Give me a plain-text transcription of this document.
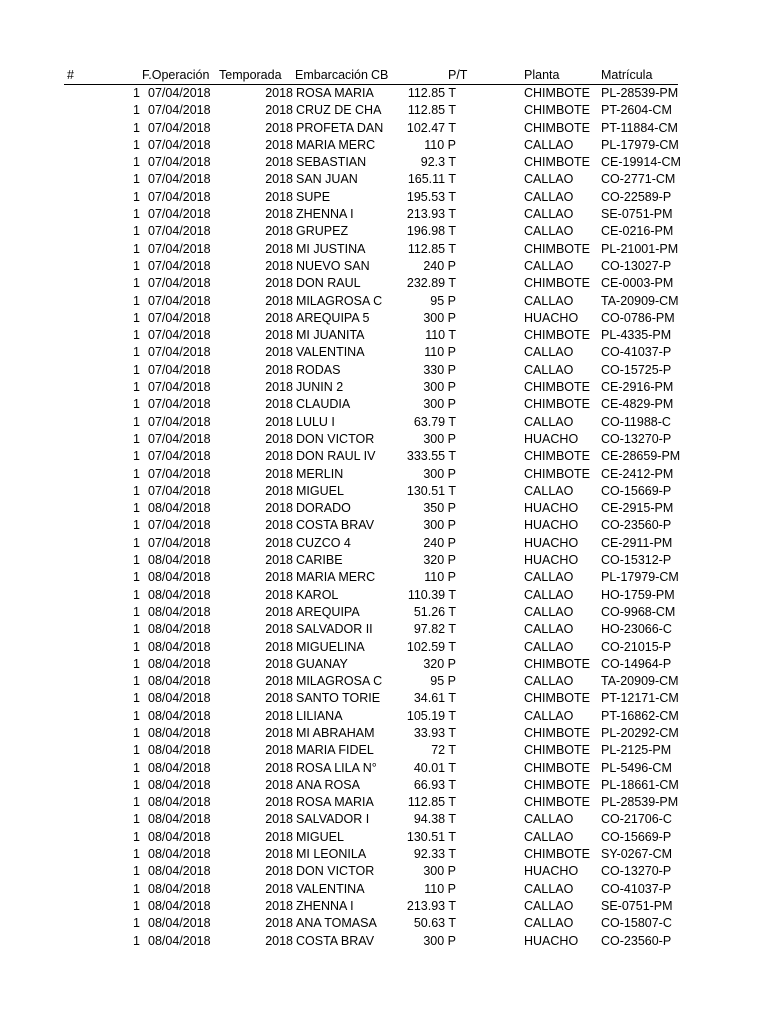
#	F.Operación Temporada Embarcación CB	P/T	Planta	Matrícula
1 07/04/2018	2018 ROSA MARIA	112.85 T	CHIMBOTE PL-28539-PM
1 07/04/2018	2018 CRUZ DE CHA	112.85 T	CHIMBOTE PT-2604-CM
1 07/04/2018	2018 PROFETA DAN	102.47 T	CHIMBOTE PT-11884-CM
1 07/04/2018	2018 MARIA MERC	110 P	CALLAO	PL-17979-CM
1 07/04/2018	2018 SEBASTIAN	92.3 T	CHIMBOTE CE-19914-CM
1 07/04/2018	2018 SAN JUAN	165.11 T	CALLAO	CO-2771-CM
1 07/04/2018	2018 SUPE	195.53 T	CALLAO	CO-22589-P
1 07/04/2018	2018 ZHENNA I	213.93 T	CALLAO	SE-0751-PM
1 07/04/2018	2018 GRUPEZ	196.98 T	CALLAO	CE-0216-PM
1 07/04/2018	2018 MI JUSTINA	112.85 T	CHIMBOTE PL-21001-PM
1 07/04/2018	2018 NUEVO SAN	240 P	CALLAO	CO-13027-P
1 07/04/2018	2018 DON RAUL	232.89 T	CHIMBOTE CE-0003-PM
1 07/04/2018	2018 MILAGROSA C	95 P	CALLAO	TA-20909-CM
1 07/04/2018	2018 AREQUIPA 5	300 P	HUACHO	CO-0786-PM
1 07/04/2018	2018 MI JUANITA	110 T	CHIMBOTE PL-4335-PM
1 07/04/2018	2018 VALENTINA	110 P	CALLAO	CO-41037-P
1 07/04/2018	2018 RODAS	330 P	CALLAO	CO-15725-P
1 07/04/2018	2018 JUNIN 2	300 P	CHIMBOTE CE-2916-PM
1 07/04/2018	2018 CLAUDIA	300 P	CHIMBOTE CE-4829-PM
1 07/04/2018	2018 LULU I	63.79 T	CALLAO	CO-11988-C
1 07/04/2018	2018 DON VICTOR	300 P	HUACHO	CO-13270-P
1 07/04/2018	2018 DON RAUL IV	333.55 T	CHIMBOTE CE-28659-PM
1 07/04/2018	2018 MERLIN	300 P	CHIMBOTE CE-2412-PM
1 07/04/2018	2018 MIGUEL	130.51 T	CALLAO	CO-15669-P
1 08/04/2018	2018 DORADO	350 P	HUACHO	CE-2915-PM
1 07/04/2018	2018 COSTA BRAV	300 P	HUACHO	CO-23560-P
1 07/04/2018	2018 CUZCO 4	240 P	HUACHO	CE-2911-PM
1 08/04/2018	2018 CARIBE	320 P	HUACHO	CO-15312-P
1 08/04/2018	2018 MARIA MERC	110 P	CALLAO	PL-17979-CM
1 08/04/2018	2018 KAROL	110.39 T	CALLAO	HO-1759-PM
1 08/04/2018	2018 AREQUIPA	51.26 T	CALLAO	CO-9968-CM
1 08/04/2018	2018 SALVADOR II	97.82 T	CALLAO	HO-23066-C
1 08/04/2018	2018 MIGUELINA	102.59 T	CALLAO	CO-21015-P
1 08/04/2018	2018 GUANAY	320 P	CHIMBOTE CO-14964-P
1 08/04/2018	2018 MILAGROSA C	95 P	CALLAO	TA-20909-CM
1 08/04/2018	2018 SANTO TORIE	34.61 T	CHIMBOTE PT-12171-CM
1 08/04/2018	2018 LILIANA	105.19 T	CALLAO	PT-16862-CM
1 08/04/2018	2018 MI ABRAHAM	33.93 T	CHIMBOTE PL-20292-CM
1 08/04/2018	2018 MARIA FIDEL	72 T	CHIMBOTE PL-2125-PM
1 08/04/2018	2018 ROSA LILA N°	40.01 T	CHIMBOTE PL-5496-CM
1 08/04/2018	2018 ANA ROSA	66.93 T	CHIMBOTE PL-18661-CM
1 08/04/2018	2018 ROSA MARIA	112.85 T	CHIMBOTE PL-28539-PM
1 08/04/2018	2018 SALVADOR I	94.38 T	CALLAO	CO-21706-C
1 08/04/2018	2018 MIGUEL	130.51 T	CALLAO	CO-15669-P
1 08/04/2018	2018 MI LEONILA	92.33 T	CHIMBOTE SY-0267-CM
1 08/04/2018	2018 DON VICTOR	300 P	HUACHO	CO-13270-P
1 08/04/2018	2018 VALENTINA	110 P	CALLAO	CO-41037-P
1 08/04/2018	2018 ZHENNA I	213.93 T	CALLAO	SE-0751-PM
1 08/04/2018	2018 ANA TOMASA	50.63 T	CALLAO	CO-15807-C
1 08/04/2018	2018 COSTA BRAV	300 P	HUACHO	CO-23560-P
